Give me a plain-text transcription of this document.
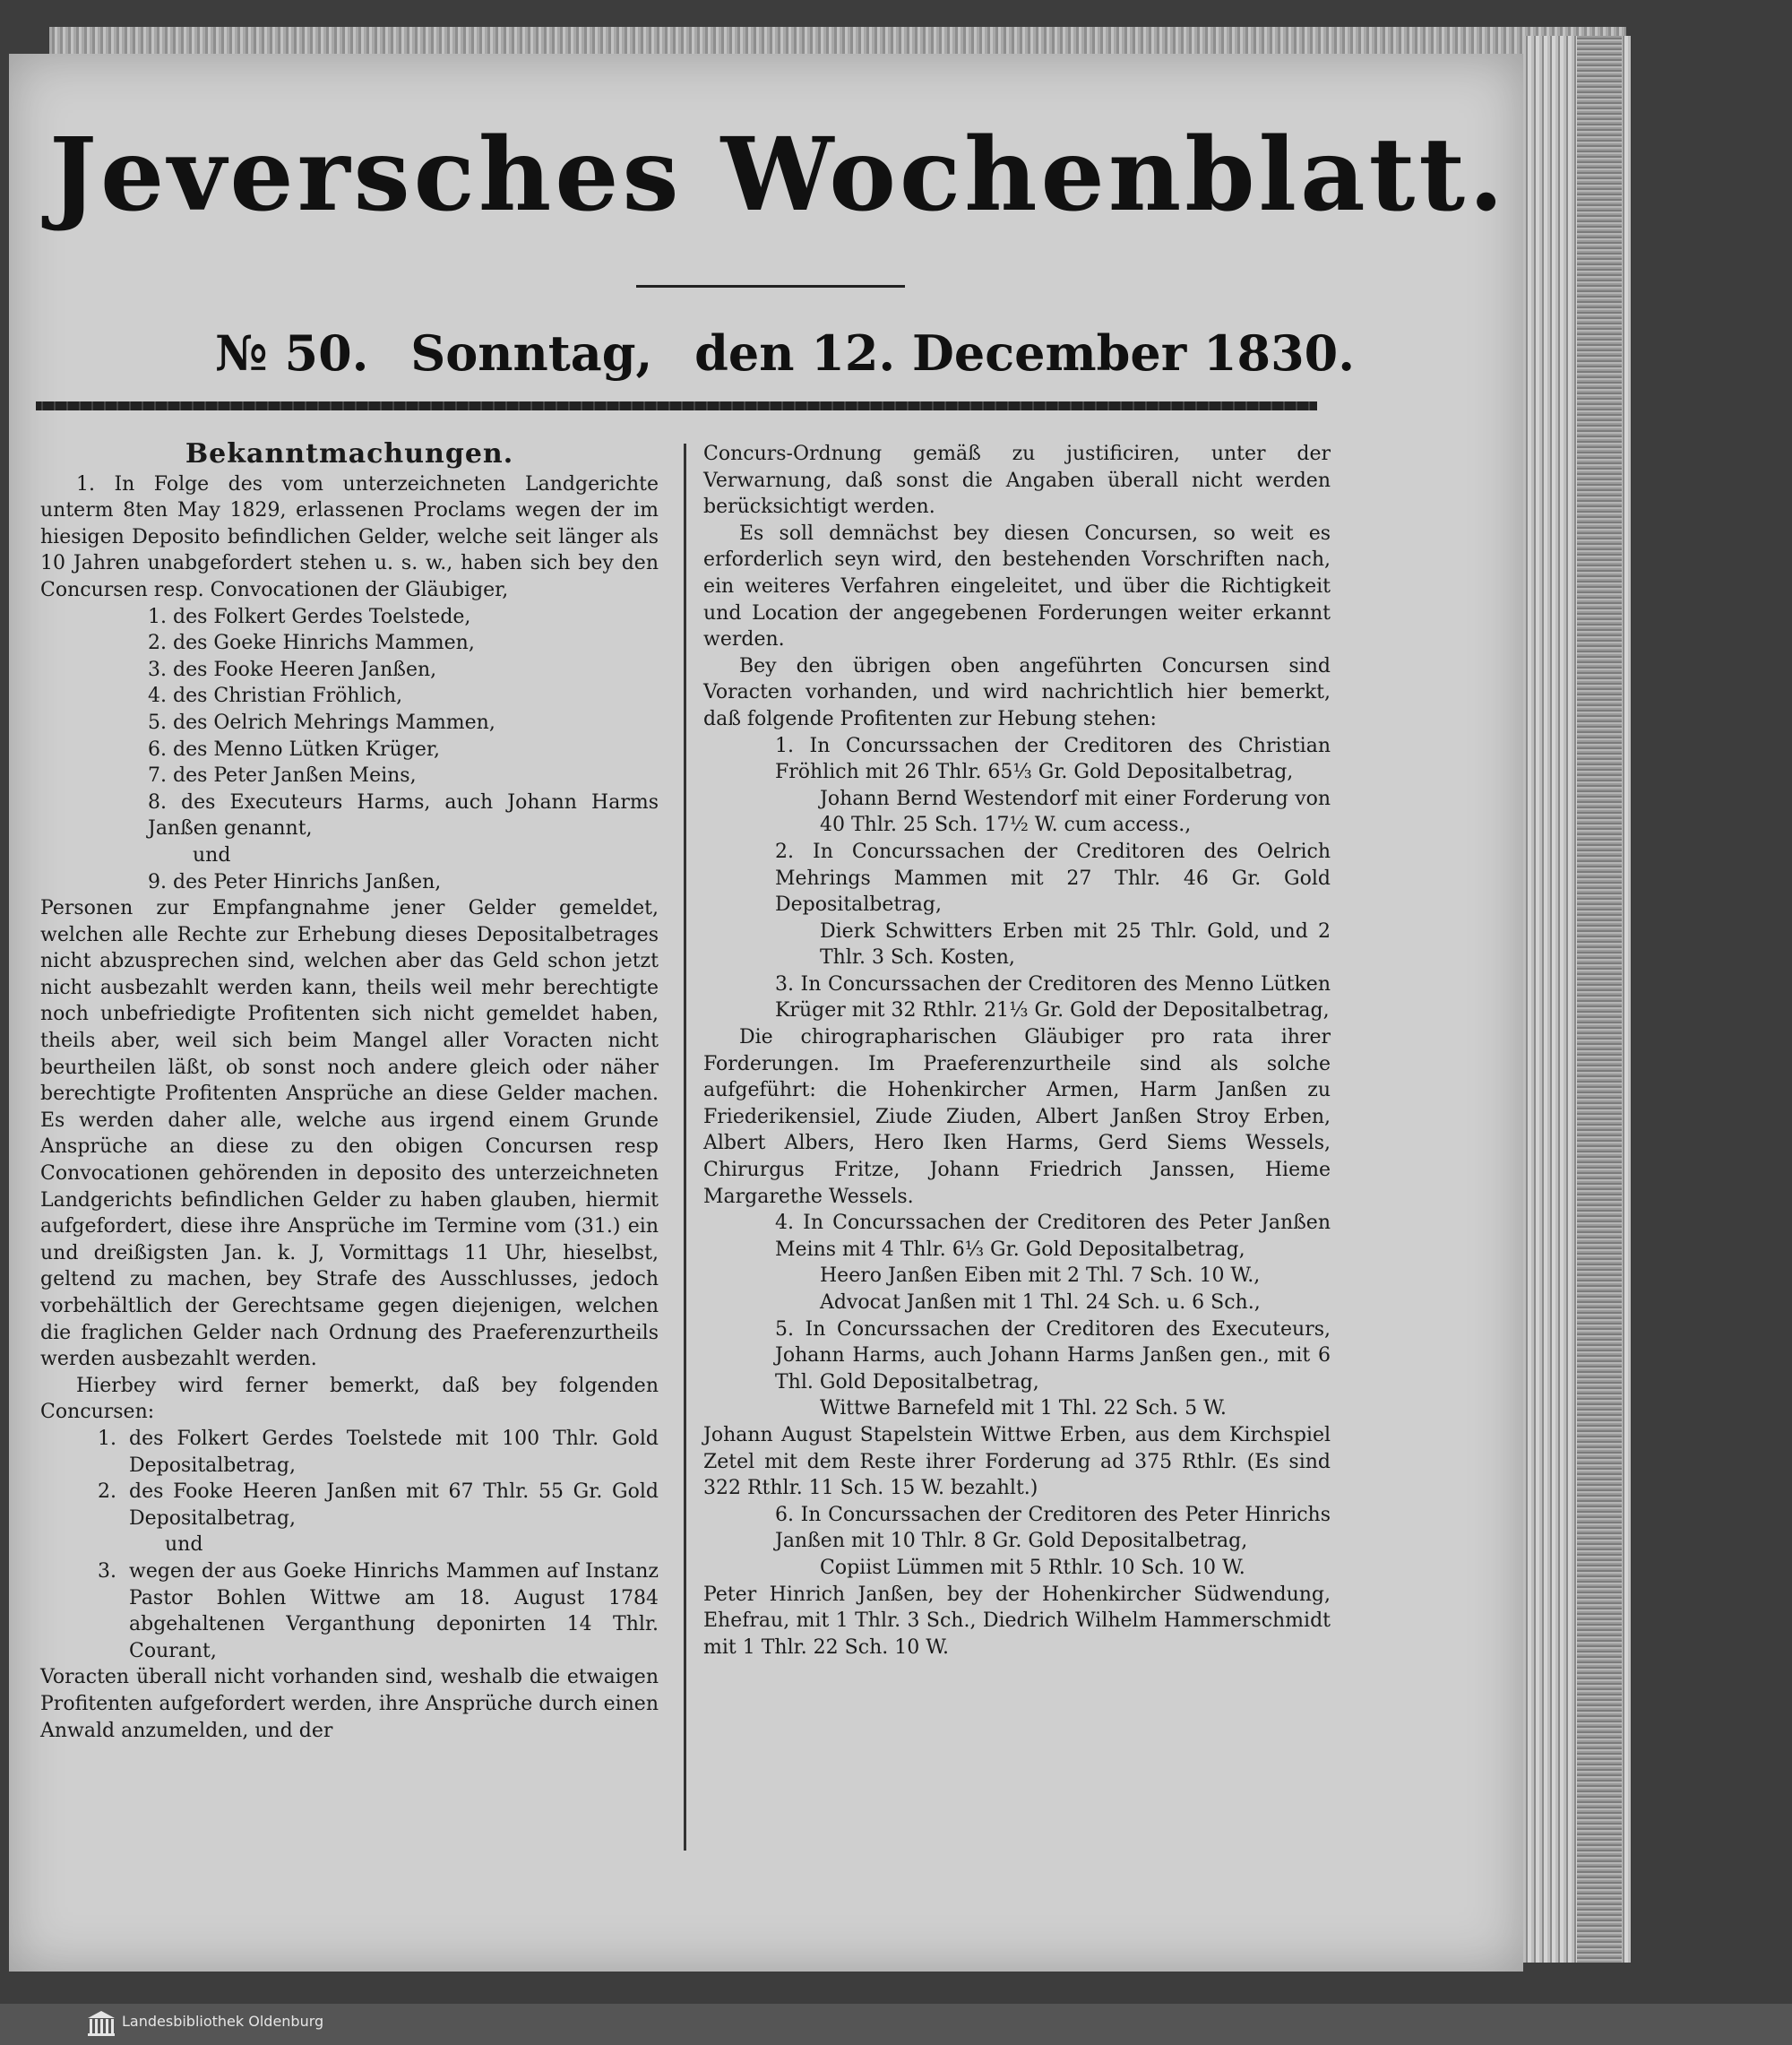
Jeversches Wochenblatt.
№ 50. Sonntag, den 12. December 1830.

Bekanntmachungen.

1. In Folge des vom unterzeichneten Landgerichte unterm 8ten May 1829, erlassenen Proclams wegen der im hiesigen Deposito befindlichen Gelder, welche seit länger als 10 Jahren unabgefordert stehen u. s. w., haben sich bey den Concursen resp. Convocationen der Gläubiger,

1. des Folkert Gerdes Toelstede,

2. des Goeke Hinrichs Mammen,

3. des Fooke Heeren Janßen,

4. des Christian Fröhlich,

5. des Oelrich Mehrings Mammen,

6. des Menno Lütken Krüger,

7. des Peter Janßen Meins,

8. des Executeurs Harms, auch Johann Harms Janßen genannt,

und

9. des Peter Hinrichs Janßen,

Personen zur Empfangnahme jener Gelder gemeldet, welchen alle Rechte zur Erhebung dieses Depositalbetrages nicht abzusprechen sind, welchen aber das Geld schon jetzt nicht ausbezahlt werden kann, theils weil mehr berechtigte noch unbefriedigte Profitenten sich nicht gemeldet haben, theils aber, weil sich beim Mangel aller Voracten nicht beurtheilen läßt, ob sonst noch andere gleich oder näher berechtigte Profitenten Ansprüche an diese Gelder machen. Es werden daher alle, welche aus irgend einem Grunde Ansprüche an diese zu den obigen Concursen resp Convocationen gehörenden in deposito des unterzeichneten Landgerichts befindlichen Gelder zu haben glauben, hiermit aufgefordert, diese ihre Ansprüche im Termine vom (31.) ein und dreißigsten Jan. k. J, Vormittags 11 Uhr, hieselbst, geltend zu machen, bey Strafe des Ausschlusses, jedoch vorbehältlich der Gerechtsame gegen diejenigen, welchen die fraglichen Gelder nach Ordnung des Praeferenzurtheils werden ausbezahlt werden.

Hierbey wird ferner bemerkt, daß bey folgenden Concursen:

1. des Folkert Gerdes Toelstede mit 100 Thlr. Gold Depositalbetrag,
2. des Fooke Heeren Janßen mit 67 Thlr. 55 Gr. Gold Depositalbetrag,
und
3. wegen der aus Goeke Hinrichs Mammen auf Instanz Pastor Bohlen Wittwe am 18. August 1784 abgehaltenen Verganthung deponirten 14 Thlr. Courant,

Voracten überall nicht vorhanden sind, weshalb die etwaigen Profitenten aufgefordert werden, ihre Ansprüche durch einen Anwald anzumelden, und der

Concurs-Ordnung gemäß zu justificiren, unter der Verwarnung, daß sonst die Angaben überall nicht werden berücksichtigt werden.

Es soll demnächst bey diesen Concursen, so weit es erforderlich seyn wird, den bestehenden Vorschriften nach, ein weiteres Verfahren eingeleitet, und über die Richtigkeit und Location der angegebenen Forderungen weiter erkannt werden.

Bey den übrigen oben angeführten Concursen sind Voracten vorhanden, und wird nachrichtlich hier bemerkt, daß folgende Profitenten zur Hebung stehen:

1. In Concurssachen der Creditoren des Christian Fröhlich mit 26 Thlr. 65⅓ Gr. Gold Depositalbetrag,

Johann Bernd Westendorf mit einer Forderung von 40 Thlr. 25 Sch. 17½ W. cum access.,

2. In Concurssachen der Creditoren des Oelrich Mehrings Mammen mit 27 Thlr. 46 Gr. Gold Depositalbetrag,

Dierk Schwitters Erben mit 25 Thlr. Gold, und 2 Thlr. 3 Sch. Kosten,

3. In Concurssachen der Creditoren des Menno Lütken Krüger mit 32 Rthlr. 21⅓ Gr. Gold der Depositalbetrag,

Die chirographarischen Gläubiger pro rata ihrer Forderungen. Im Praeferenzurtheile sind als solche aufgeführt: die Hohenkircher Armen, Harm Janßen zu Friederikensiel, Ziude Ziuden, Albert Janßen Stroy Erben, Albert Albers, Hero Iken Harms, Gerd Siems Wessels, Chirurgus Fritze, Johann Friedrich Janssen, Hieme Margarethe Wessels.

4. In Concurssachen der Creditoren des Peter Janßen Meins mit 4 Thlr. 6⅓ Gr. Gold Depositalbetrag,

Heero Janßen Eiben mit 2 Thl. 7 Sch. 10 W.,

Advocat Janßen mit 1 Thl. 24 Sch. u. 6 Sch.,

5. In Concurssachen der Creditoren des Executeurs, Johann Harms, auch Johann Harms Janßen gen., mit 6 Thl. Gold Depositalbetrag,

Wittwe Barnefeld mit 1 Thl. 22 Sch. 5 W.

Johann August Stapelstein Wittwe Erben, aus dem Kirchspiel Zetel mit dem Reste ihrer Forderung ad 375 Rthlr. (Es sind 322 Rthlr. 11 Sch. 15 W. bezahlt.)

6. In Concurssachen der Creditoren des Peter Hinrichs Janßen mit 10 Thlr. 8 Gr. Gold Depositalbetrag,

Copiist Lümmen mit 5 Rthlr. 10 Sch. 10 W.

Peter Hinrich Janßen, bey der Hohenkircher Südwendung, Ehefrau, mit 1 Thlr. 3 Sch., Diedrich Wilhelm Hammerschmidt mit 1 Thlr. 22 Sch. 10 W.

Landesbibliothek Oldenburg
